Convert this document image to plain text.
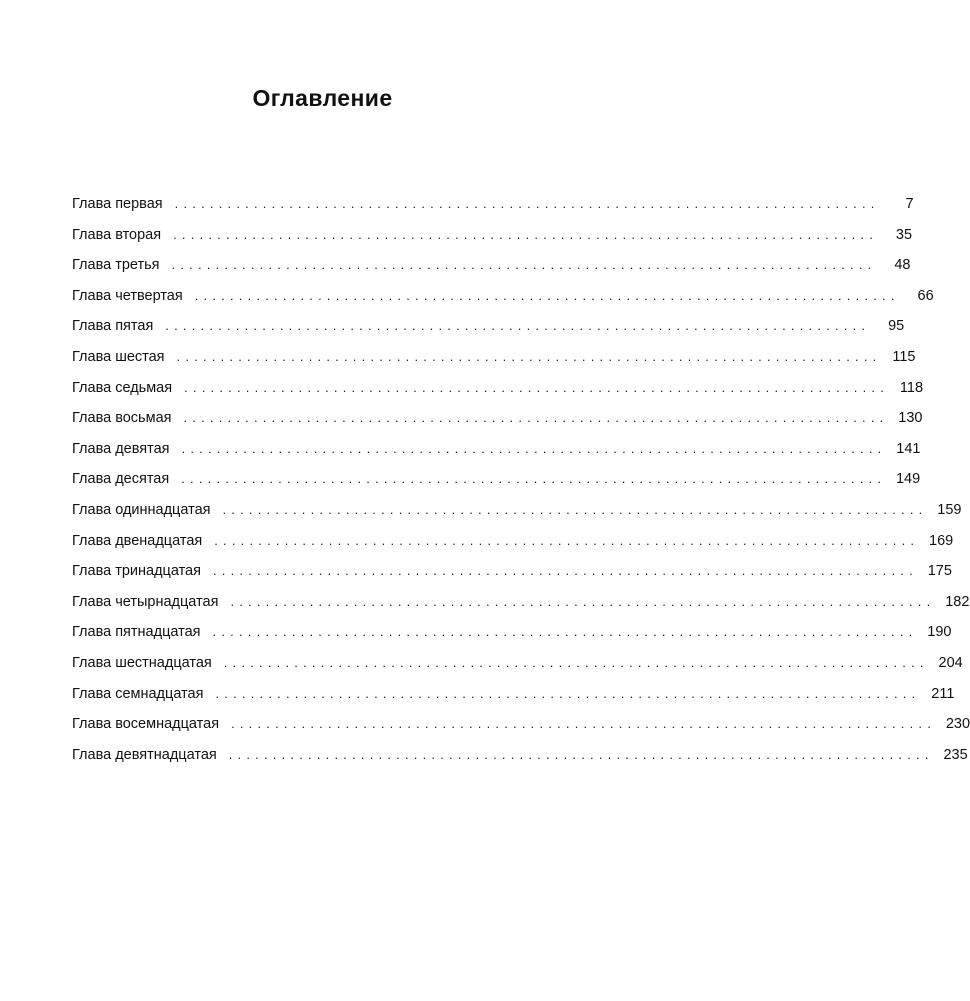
Оглавление
Глава первая ................................................................................	7
Глава вторая ................................................................................	35
Глава третья ................................................................................	48
Глава четвертая ................................................................................	66
Глава пятая ................................................................................	95
Глава шестая ................................................................................ 115
Глава седьмая ................................................................................ 118
Глава восьмая ................................................................................ 130
Глава девятая ................................................................................ 141
Глава десятая ................................................................................ 149
Глава одиннадцатая ................................................................................ 159
Глава двенадцатая ................................................................................ 169
Глава тринадцатая ................................................................................ 175
Глава четырнадцатая ................................................................................ 182
Глава пятнадцатая ................................................................................ 190
Глава шестнадцатая ................................................................................ 204
Глава семнадцатая ................................................................................ 211
Глава восемнадцатая ................................................................................ 230
Глава девятнадцатая ................................................................................ 235
